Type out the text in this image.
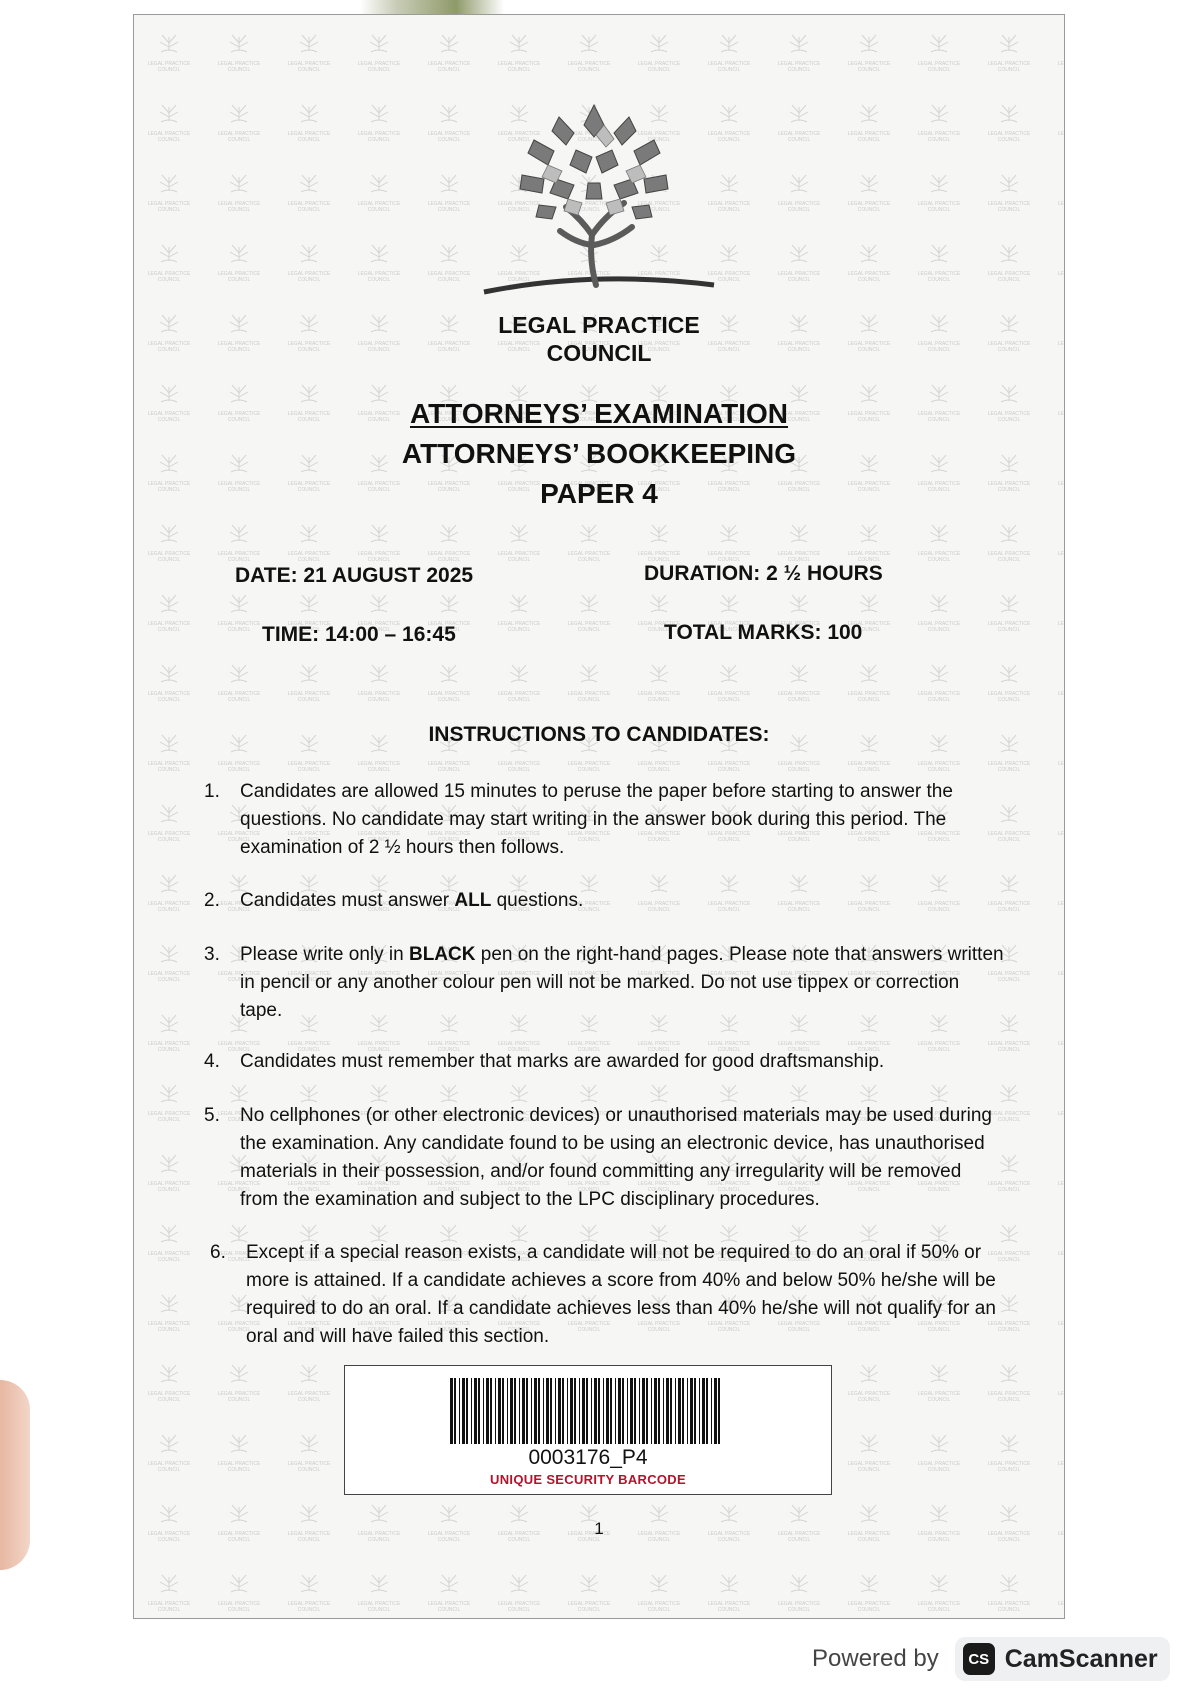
LEGAL PRACTICE
COUNCIL
ATTORNEYS’ EXAMINATION
ATTORNEYS’ BOOKKEEPING
PAPER 4
DATE: 21 AUGUST 2025	DURATION: 2 ½ HOURS
TIME: 14:00 – 16:45	TOTAL MARKS: 100
INSTRUCTIONS TO CANDIDATES:
1.	Candidates are allowed 15 minutes to peruse the paper before starting to answer the questions. No candidate may start writing in the answer book during this period. The examination of 2 ½ hours then follows.
2.	Candidates must answer ALL questions.
3.	Please write only in BLACK pen on the right-hand pages. Please note that answers written in pencil or any another colour pen will not be marked. Do not use tippex or correction tape.
4.	Candidates must remember that marks are awarded for good draftsmanship.
5.	No cellphones (or other electronic devices) or unauthorised materials may be used during the examination. Any candidate found to be using an electronic device, has unauthorised materials in their possession, and/or found committing any irregularity will be removed from the examination and subject to the LPC disciplinary procedures.
6.	Except if a special reason exists, a candidate will not be required to do an oral if 50% or more is attained. If a candidate achieves a score from 40% and below 50% he/she will be required to do an oral. If a candidate achieves less than 40% he/she will not qualify for an oral and will have failed this section.
0003176_P4
UNIQUE SECURITY BARCODE
1
Powered by	CS CamScanner
